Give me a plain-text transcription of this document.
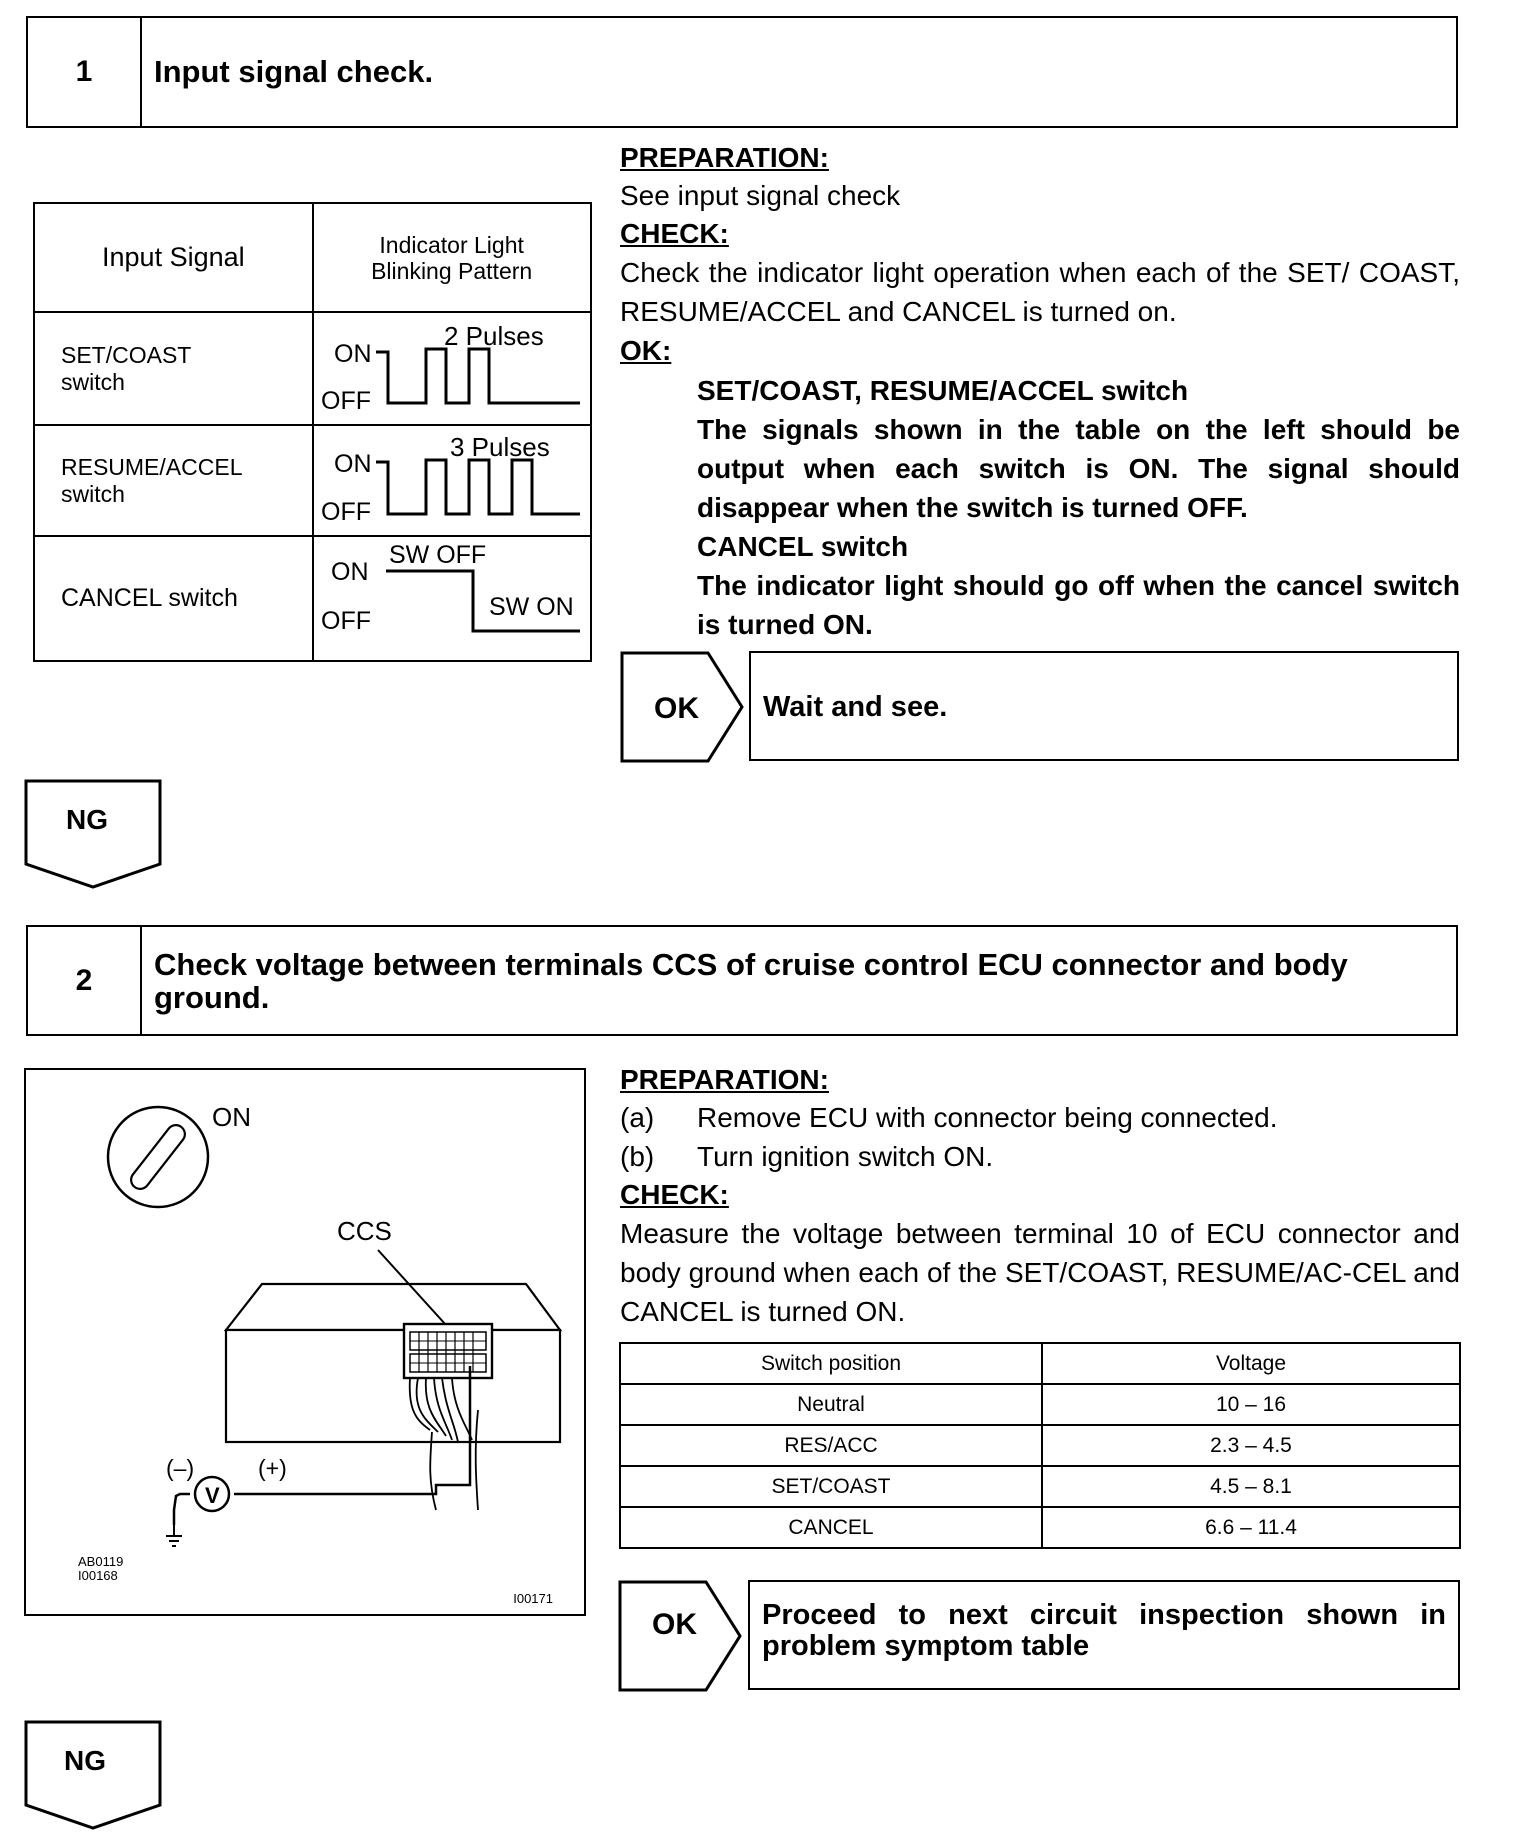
1	Input signal check.
Input Signal	Indicator Light Blinking Pattern
SET/COAST switch	2 Pulses
ON
OFF

RESUME/ACCEL switch	3 Pulses
ON
OFF

CANCEL switch	SW OFF
ON
OFF SW ON
PREPARATION:
See input signal check
CHECK:
Check the indicator light operation when each of the SET/ COAST, RESUME/ACCEL and CANCEL is turned on.
OK:
SET/COAST, RESUME/ACCEL switch
The signals shown in the table on the left should be output when each switch is ON. The signal should disappear when the switch is turned OFF.
CANCEL switch
The indicator light should go off when the cancel switch is turned ON.
OK Wait and see.
NG
2	Check voltage between terminals CCS of cruise control ECU connector and body ground.
ON
CCS
V
(–)	(+)
I00171
AB0119
I00168
PREPARATION:
(a)	Remove ECU with connector being connected.
(b)	Turn ignition switch ON.
CHECK:
Measure the voltage between terminal 10 of ECU connector and body ground when each of the SET/COAST, RESUME/AC-CEL and CANCEL is turned ON.
Switch position	Voltage
Neutral	10 – 16
RES/ACC	2.3 – 4.5
SET/COAST	4.5 – 8.1
CANCEL	6.6 – 11.4
OK Proceed to next circuit inspection shown in problem symptom table
NG
